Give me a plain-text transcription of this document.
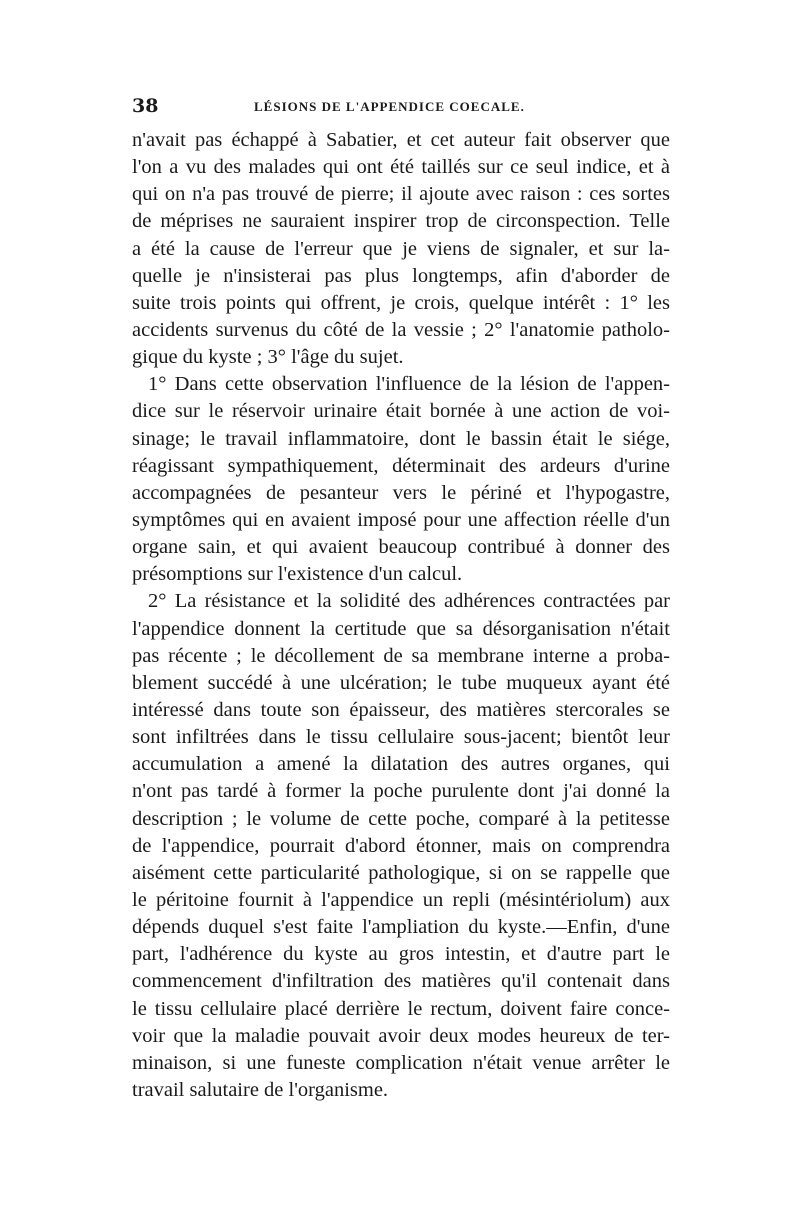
38	LÉSIONS DE L'APPENDICE COECALE.
n'avait pas échappé à Sabatier, et cet auteur fait observer que
l'on a vu des malades qui ont été taillés sur ce seul indice, et à
qui on n'a pas trouvé de pierre; il ajoute avec raison : ces sortes
de méprises ne sauraient inspirer trop de circonspection. Telle
a été la cause de l'erreur que je viens de signaler, et sur la-
quelle je n'insisterai pas plus longtemps, afin d'aborder de
suite trois points qui offrent, je crois, quelque intérêt : 1° les
accidents survenus du côté de la vessie ; 2° l'anatomie patholo-
gique du kyste ; 3° l'âge du sujet.
1° Dans cette observation l'influence de la lésion de l'appen-
dice sur le réservoir urinaire était bornée à une action de voi-
sinage; le travail inflammatoire, dont le bassin était le siége,
réagissant sympathiquement, déterminait des ardeurs d'urine
accompagnées de pesanteur vers le périné et l'hypogastre,
symptômes qui en avaient imposé pour une affection réelle d'un
organe sain, et qui avaient beaucoup contribué à donner des
présomptions sur l'existence d'un calcul.
2° La résistance et la solidité des adhérences contractées par
l'appendice donnent la certitude que sa désorganisation n'était
pas récente ; le décollement de sa membrane interne a proba-
blement succédé à une ulcération; le tube muqueux ayant été
intéressé dans toute son épaisseur, des matières stercorales se
sont infiltrées dans le tissu cellulaire sous-jacent; bientôt leur
accumulation a amené la dilatation des autres organes, qui
n'ont pas tardé à former la poche purulente dont j'ai donné la
description ; le volume de cette poche, comparé à la petitesse
de l'appendice, pourrait d'abord étonner, mais on comprendra
aisément cette particularité pathologique, si on se rappelle que
le péritoine fournit à l'appendice un repli (mésintériolum) aux
dépends duquel s'est faite l'ampliation du kyste.—Enfin, d'une
part, l'adhérence du kyste au gros intestin, et d'autre part le
commencement d'infiltration des matières qu'il contenait dans
le tissu cellulaire placé derrière le rectum, doivent faire conce-
voir que la maladie pouvait avoir deux modes heureux de ter-
minaison, si une funeste complication n'était venue arrêter le
travail salutaire de l'organisme.
